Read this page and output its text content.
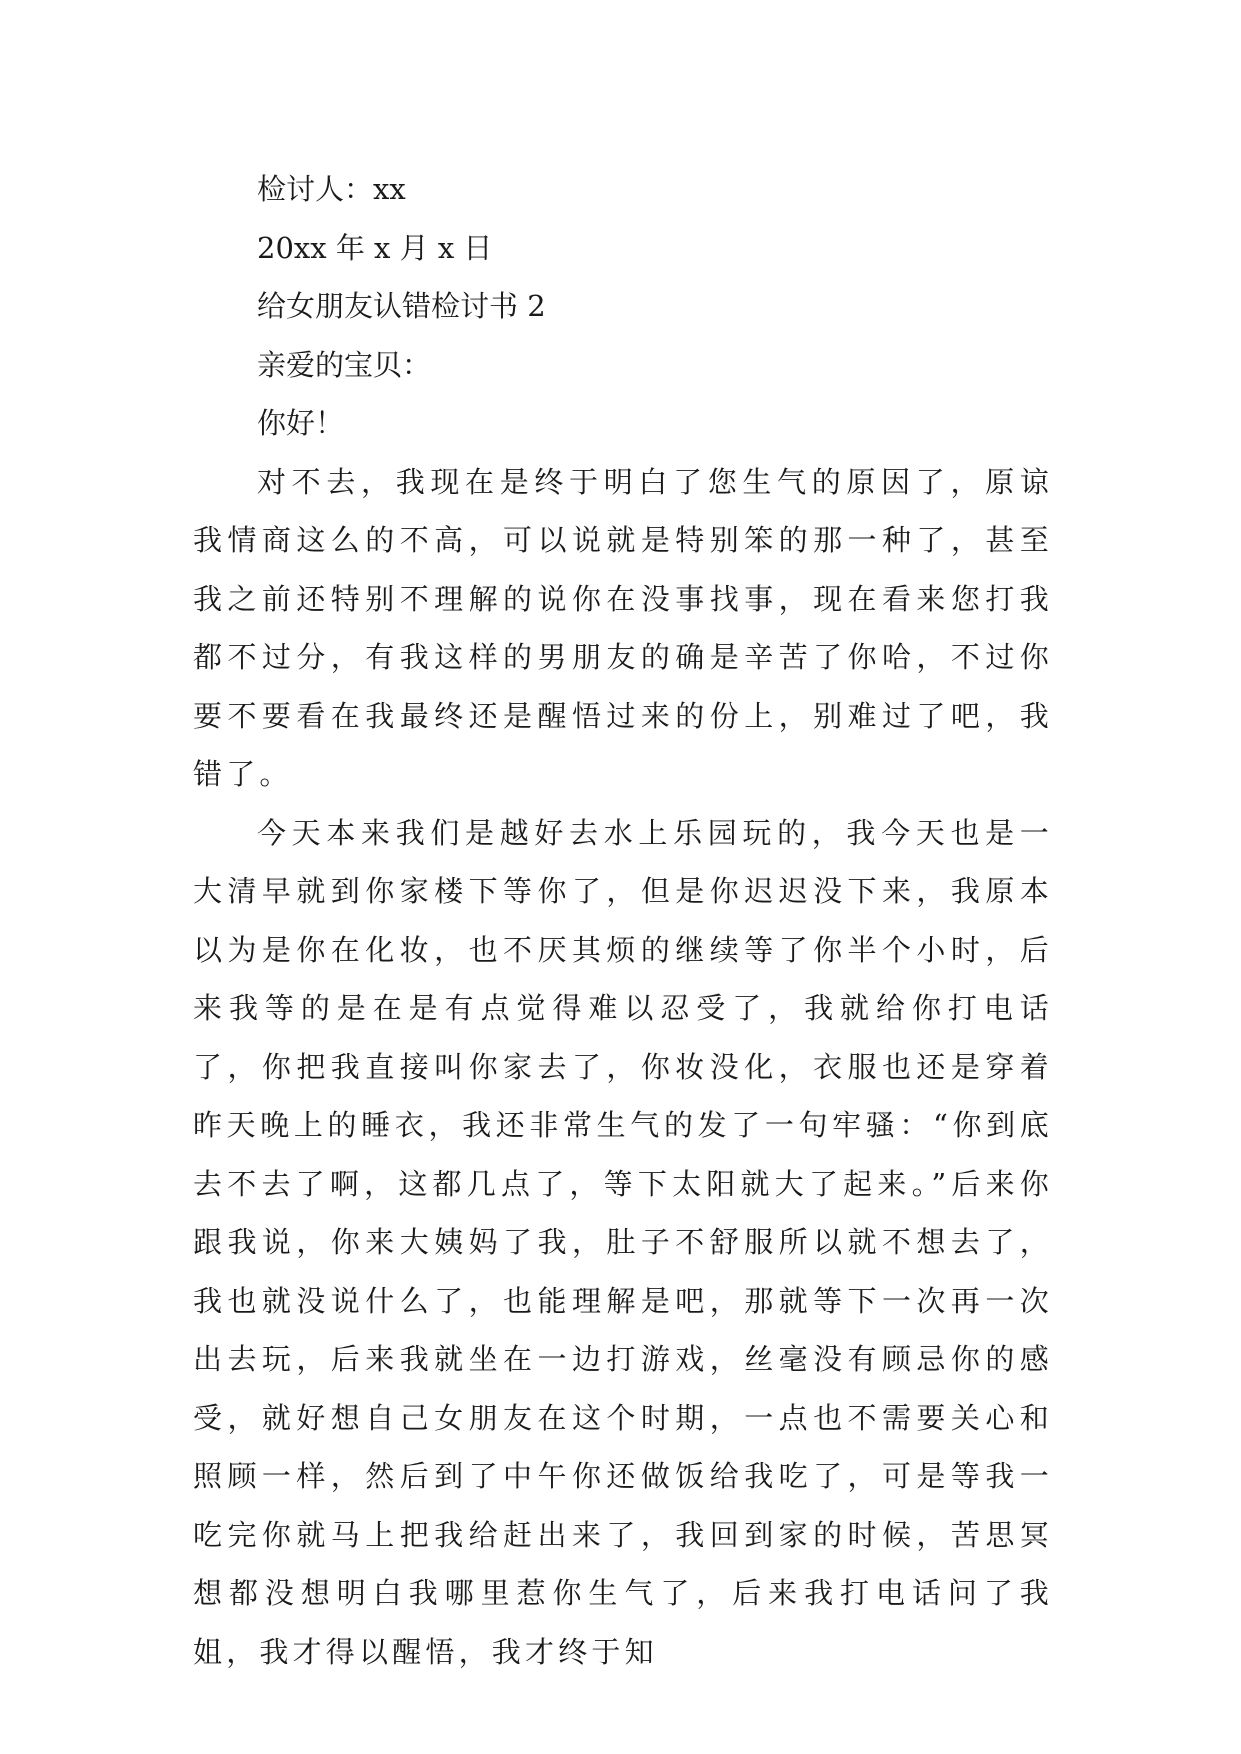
检讨人：xx
20xx 年 x 月 x 日
给女朋友认错检讨书 2
亲爱的宝贝：
你好！
对不去，我现在是终于明白了您生气的原因了，原谅我情商这么的不高，可以说就是特别笨的那一种了，甚至我之前还特别不理解的说你在没事找事，现在看来您打我都不过分，有我这样的男朋友的确是辛苦了你哈，不过你要不要看在我最终还是醒悟过来的份上，别难过了吧，我错了。
今天本来我们是越好去水上乐园玩的，我今天也是一大清早就到你家楼下等你了，但是你迟迟没下来，我原本以为是你在化妆，也不厌其烦的继续等了你半个小时，后来我等的是在是有点觉得难以忍受了，我就给你打电话了，你把我直接叫你家去了，你妆没化，衣服也还是穿着昨天晚上的睡衣，我还非常生气的发了一句牢骚：“你到底去不去了啊，这都几点了，等下太阳就大了起来。”后来你跟我说，你来大姨妈了我，肚子不舒服所以就不想去了，我也就没说什么了，也能理解是吧，那就等下一次再一次出去玩，后来我就坐在一边打游戏，丝毫没有顾忌你的感受，就好想自己女朋友在这个时期，一点也不需要关心和照顾一样，然后到了中午你还做饭给我吃了，可是等我一吃完你就马上把我给赶出来了，我回到家的时候，苦思冥想都没想明白我哪里惹你生气了，后来我打电话问了我姐，我才得以醒悟，我才终于知
